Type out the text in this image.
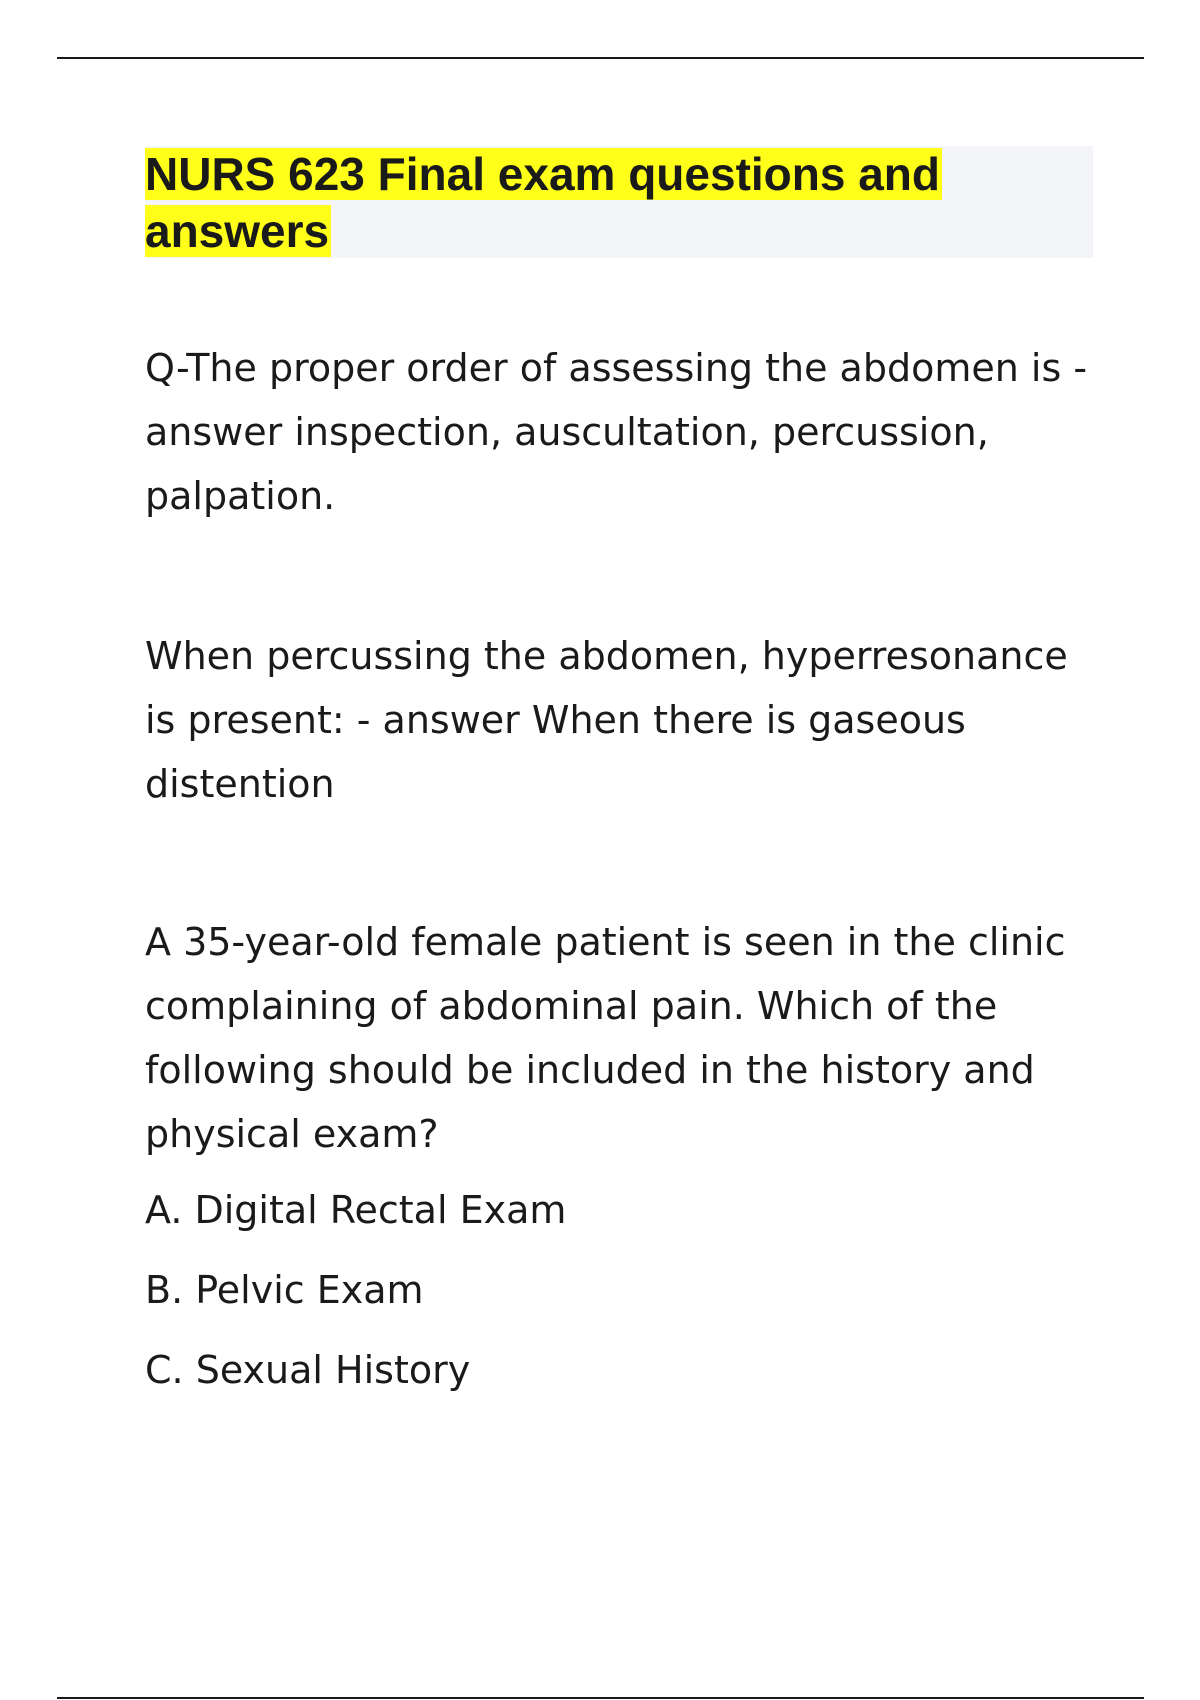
NURS 623 Final exam questions and answers

Q-The proper order of assessing the abdomen is - answer inspection, auscultation, percussion, palpation.

When percussing the abdomen, hyperresonance is present: - answer When there is gaseous distention

A 35-year-old female patient is seen in the clinic complaining of abdominal pain. Which of the following should be included in the history and physical exam?

A. Digital Rectal Exam
B. Pelvic Exam
C. Sexual History
